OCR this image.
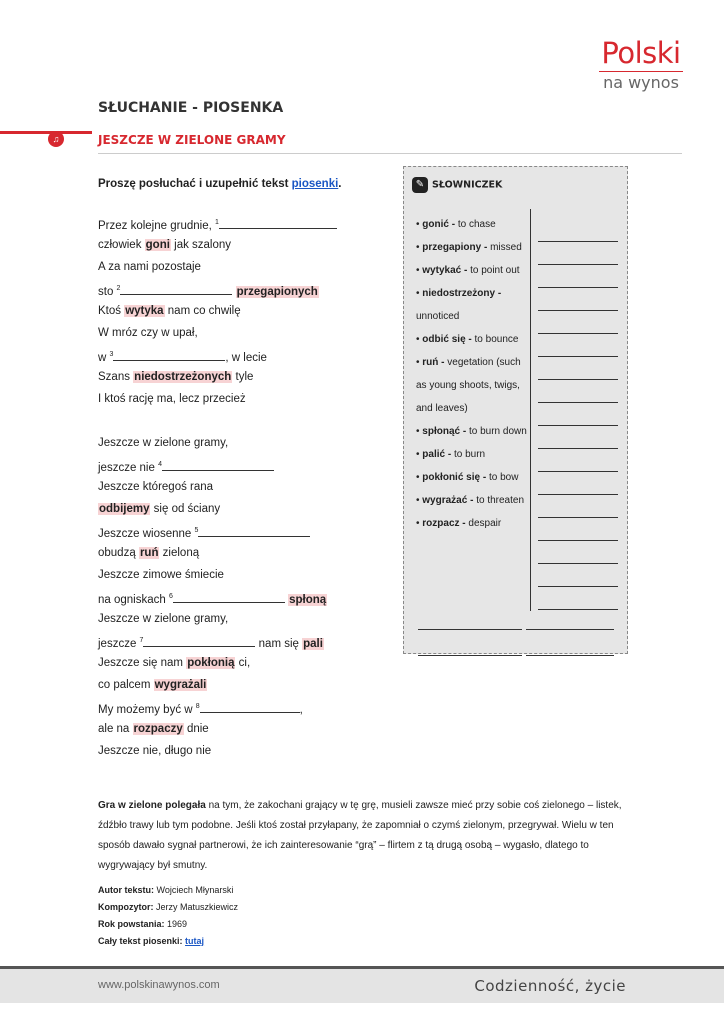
Polski
na wynos
SŁUCHANIE - PIOSENKA
♫	JESZCZE W ZIELONE GRAMY
Proszę posłuchać i uzupełnić tekst piosenki.
Przez kolejne grudnie, $^1$
człowiek goni jak szalony
A za nami pozostaje
sto $^2$	przegapionych
Ktoś wytyka nam co chwilę
W mróz czy w upał,
w $^3$	, w lecie
Szans niedostrzeżonych tyle
I ktoś rację ma, lecz przecież
Jeszcze w zielone gramy,
jeszcze nie $^4$
Jeszcze któregoś rana
odbijemy się od ściany
Jeszcze wiosenne $^5$
obudzą ruń zieloną
Jeszcze zimowe śmiecie
na ogniskach $^6$	spłoną
Jeszcze w zielone gramy,
jeszcze $^7$	nam się pali
Jeszcze się nam pokłonią ci,
co palcem wygrażali
My możemy być w $^8$	,
ale na rozpaczy dnie
Jeszcze nie, długo nie
✎ SŁOWNICZEK
• gonić - to chase
• przegapiony - missed
• wytykać - to point out
• niedostrzeżony - unnoticed
• odbić się - to bounce
• ruń - vegetation (such as young shoots, twigs, and leaves)
• spłonąć - to burn down
• palić - to burn
• pokłonić się - to bow
• wygrażać - to threaten
• rozpacz - despair
Gra w zielone polegała na tym, że zakochani grający w tę grę, musieli zawsze mieć przy sobie coś zielonego – listek, źdźbło trawy lub tym podobne. Jeśli ktoś został przyłapany, że zapomniał o czymś zielonym, przegrywał. Wielu w ten sposób dawało sygnał partnerowi, że ich zainteresowanie “grą” – flirtem z tą drugą osobą – wygasło, dlatego to wygrywający był smutny.
Autor tekstu: Wojciech Młynarski
Kompozytor: Jerzy Matuszkiewicz
Rok powstania: 1969
Cały tekst piosenki: tutaj
www.polskinawynos.com	Codzienność, życie
